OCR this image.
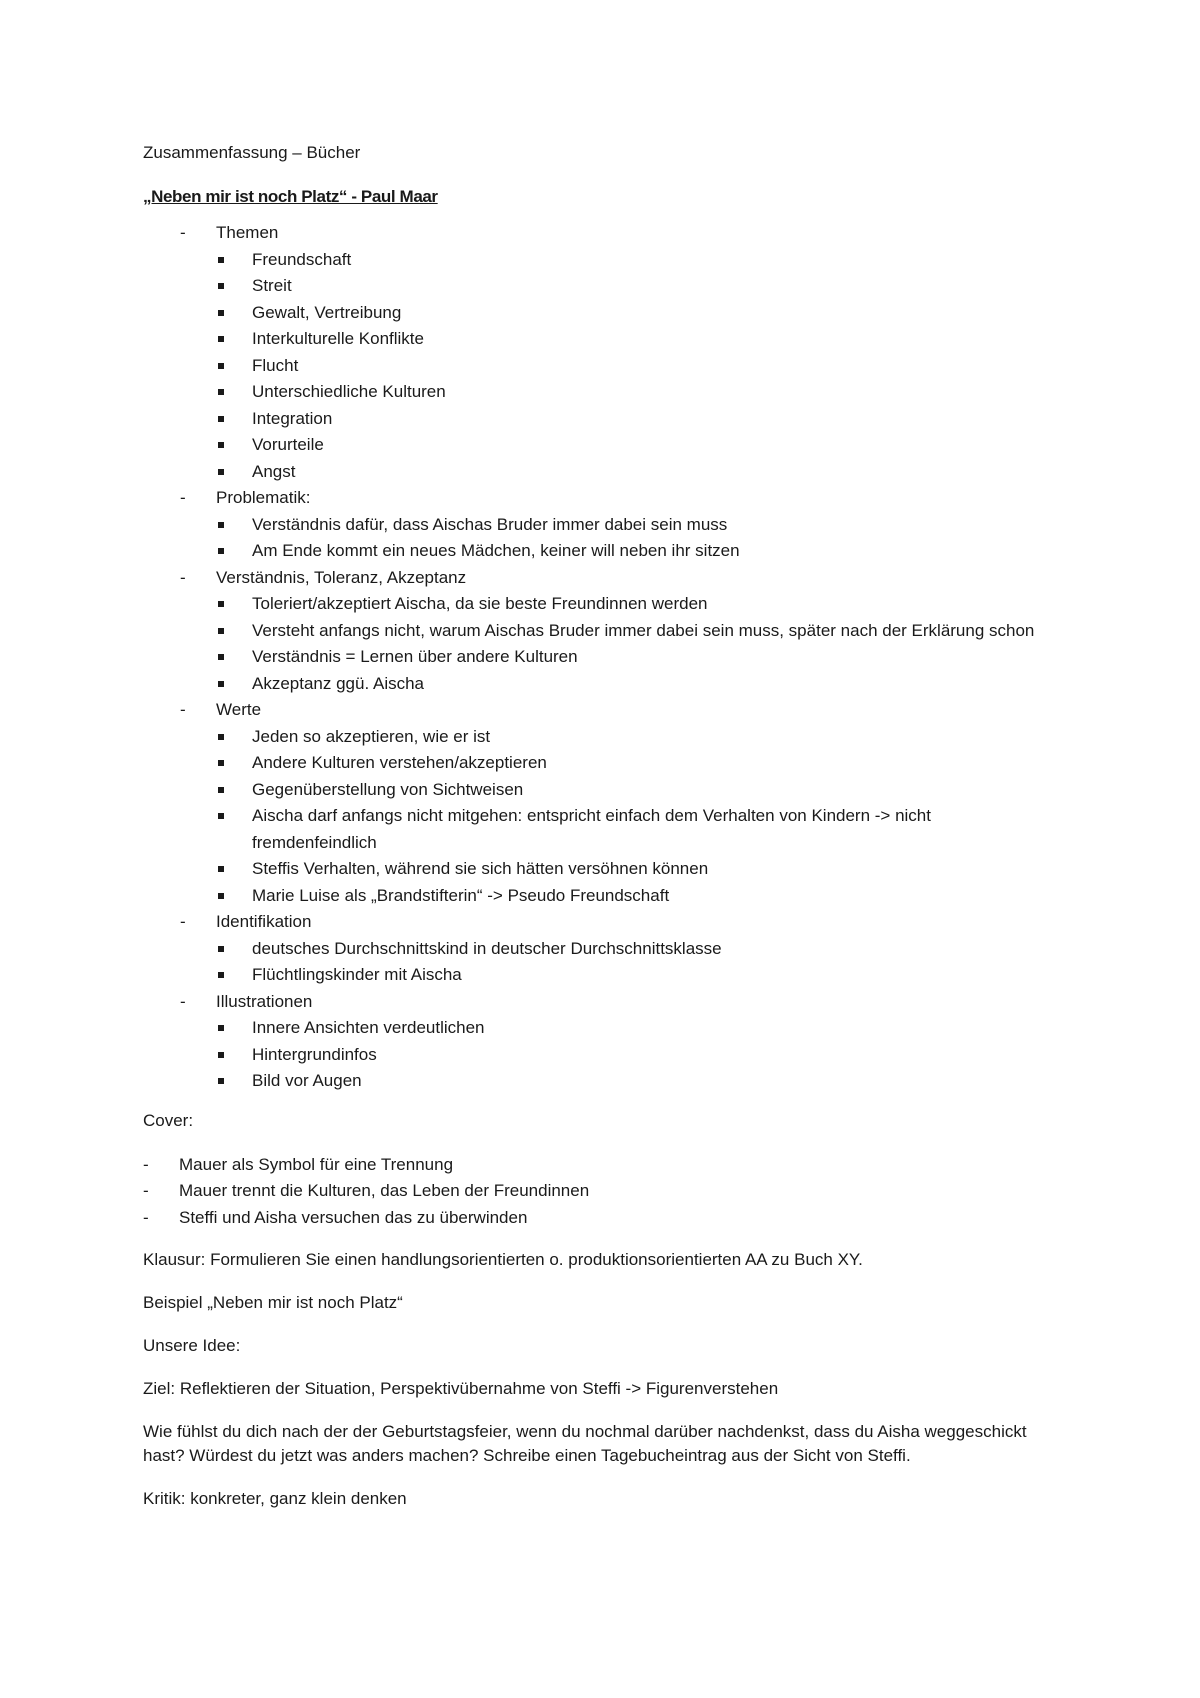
Zusammenfassung – Bücher
„Neben mir ist noch Platz“ - Paul Maar
- Themen
Freundschaft
Streit
Gewalt, Vertreibung
Interkulturelle Konflikte
Flucht
Unterschiedliche Kulturen
Integration
Vorurteile
Angst
- Problematik:
Verständnis dafür, dass Aischas Bruder immer dabei sein muss
Am Ende kommt ein neues Mädchen, keiner will neben ihr sitzen
- Verständnis, Toleranz, Akzeptanz
Toleriert/akzeptiert Aischa, da sie beste Freundinnen werden
Versteht anfangs nicht, warum Aischas Bruder immer dabei sein muss, später nach der Erklärung schon
Verständnis = Lernen über andere Kulturen
Akzeptanz ggü. Aischa
- Werte
Jeden so akzeptieren, wie er ist
Andere Kulturen verstehen/akzeptieren
Gegenüberstellung von Sichtweisen
Aischa darf anfangs nicht mitgehen: entspricht einfach dem Verhalten von Kindern -> nicht fremdenfeindlich
Steffis Verhalten, während sie sich hätten versöhnen können
Marie Luise als „Brandstifterin“ -> Pseudo Freundschaft
- Identifikation
deutsches Durchschnittskind in deutscher Durchschnittsklasse
Flüchtlingskinder mit Aischa
- Illustrationen
Innere Ansichten verdeutlichen
Hintergrundinfos
Bild vor Augen
Cover:
- Mauer als Symbol für eine Trennung
- Mauer trennt die Kulturen, das Leben der Freundinnen
- Steffi und Aisha versuchen das zu überwinden
Klausur: Formulieren Sie einen handlungsorientierten o. produktionsorientierten AA zu Buch XY.
Beispiel „Neben mir ist noch Platz“
Unsere Idee:
Ziel: Reflektieren der Situation, Perspektivübernahme von Steffi -> Figurenverstehen
Wie fühlst du dich nach der der Geburtstagsfeier, wenn du nochmal darüber nachdenkst, dass du Aisha weggeschickt hast? Würdest du jetzt was anders machen? Schreibe einen Tagebucheintrag aus der Sicht von Steffi.
Kritik: konkreter, ganz klein denken
